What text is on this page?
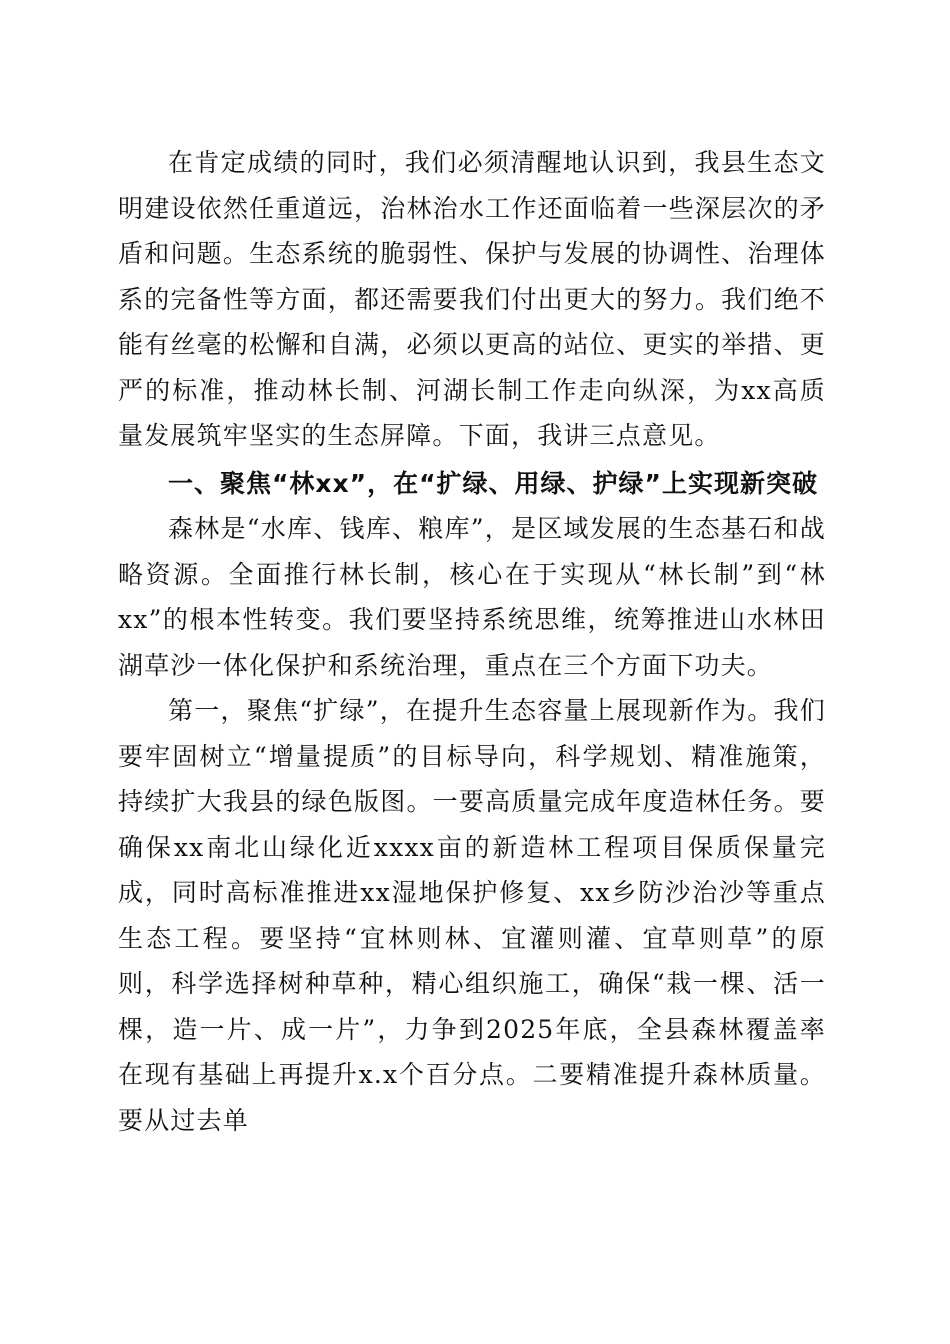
在肯定成绩的同时，我们必须清醒地认识到，我县生态文明建设依然任重道远，治林治水工作还面临着一些深层次的矛盾和问题。生态系统的脆弱性、保护与发展的协调性、治理体系的完备性等方面，都还需要我们付出更大的努力。我们绝不能有丝毫的松懈和自满，必须以更高的站位、更实的举措、更严的标准，推动林长制、河湖长制工作走向纵深，为xx高质量发展筑牢坚实的生态屏障。下面，我讲三点意见。

一、聚焦“林xx”，在“扩绿、用绿、护绿”上实现新突破

森林是“水库、钱库、粮库”，是区域发展的生态基石和战略资源。全面推行林长制，核心在于实现从“林长制”到“林xx”的根本性转变。我们要坚持系统思维，统筹推进山水林田湖草沙一体化保护和系统治理，重点在三个方面下功夫。

第一，聚焦“扩绿”，在提升生态容量上展现新作为。我们要牢固树立“增量提质”的目标导向，科学规划、精准施策，持续扩大我县的绿色版图。一要高质量完成年度造林任务。要确保xx南北山绿化近xxxx亩的新造林工程项目保质保量完成，同时高标准推进xx湿地保护修复、xx乡防沙治沙等重点生态工程。要坚持“宜林则林、宜灌则灌、宜草则草”的原则，科学选择树种草种，精心组织施工，确保“栽一棵、活一棵，造一片、成一片”，力争到2025年底，全县森林覆盖率在现有基础上再提升x.x个百分点。二要精准提升森林质量。要从过去单
